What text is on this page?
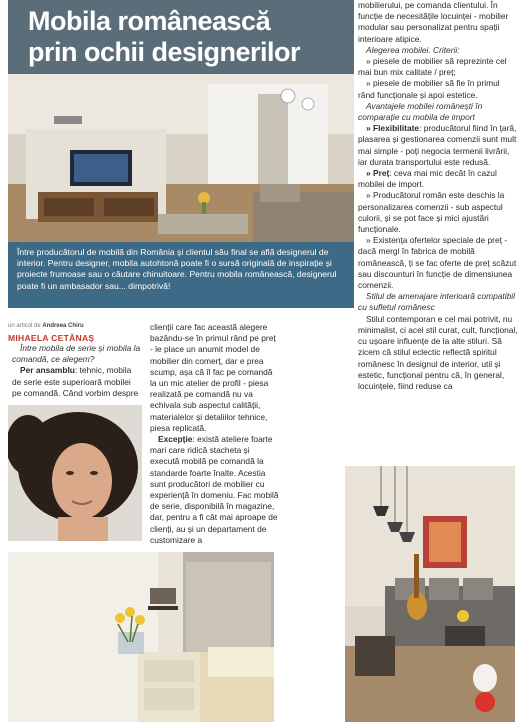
Mobila românească
prin ochii designerilor
Între producătorul de mobilă din România și clientul său final se află designerul de interior. Pentru designer, mobila autohtonă poate fi o sursă originală de inspirație și proiecte frumoase sau o căutare chinuitoare. Pentru mobila românească, designerul poate fi un ambasador sau... dimpotrivă!
un articol de Andreea Chiru
MIHAELA CETĂNAȘ

Între mobila de serie și mobila la comandă, ce alegem?

Per ansamblu: tehnic, mobila de serie este superioară mobilei pe comandă. Când vorbim despre

clienții care fac această alegere bazându-se în primul rând pe preț - le place un anumit model de mobilier din comerț, dar e prea scump, așa că îl fac pe comandă la un mic atelier de profil - piesa realizată pe comandă nu va echivala sub aspectul calității, materialelor și detaliilor tehnice, piesa replicată.

Excepție: există ateliere foarte mari care ridică stacheta și execută mobilă pe comandă la standarde foarte înalte. Acestia sunt producători de mobilier cu experiență în domeniu. Fac mobilă de serie, disponibilă în magazine, dar, pentru a fi cât mai aproape de clienți, au și un departament de customizare a

mobilierului, pe comanda clientului. În funcție de necesitățile locuinței - mobilier modular sau personalizat pentru spații interioare atipice.

Alegerea mobilei. Criterii:

» piesele de mobilier să reprezinte cel mai bun mix calitate / preț;

» piesele de mobilier să fie în primul rând funcționale și apoi estetice.

Avantajele mobilei românești în comparație cu mobila de import

» Flexibilitate: producătorul fiind în țară, plasarea și gestionarea comenzii sunt mult mai simple - poți negocia termenii livrării, iar durata transportului este redusă.

» Preț: ceva mai mic decât în cazul mobilei de import.

» Producătorul român este deschis la personalizarea comenzii - sub aspectul culorii, și se pot face și mici ajustări funcționale.

» Existența ofertelor speciale de preț - dacă mergi în fabrica de mobilă românească, ți se fac oferte de preț scăzut sau discounturi în funcție de dimensiunea comenzii.

Stilul de amenajare interioară compatibil cu sufletul românesc

Stilul contemporan e cel mai potrivit, nu minimalist, ci acel stil curat, cult, funcțional, cu ușoare influențe de la alte stiluri. Să zicem că stilul eclectic reflectă spiritul românesc în designul de interior, util și estetic, funcțional pentru că, în general, locuințele, fiind reduse ca
